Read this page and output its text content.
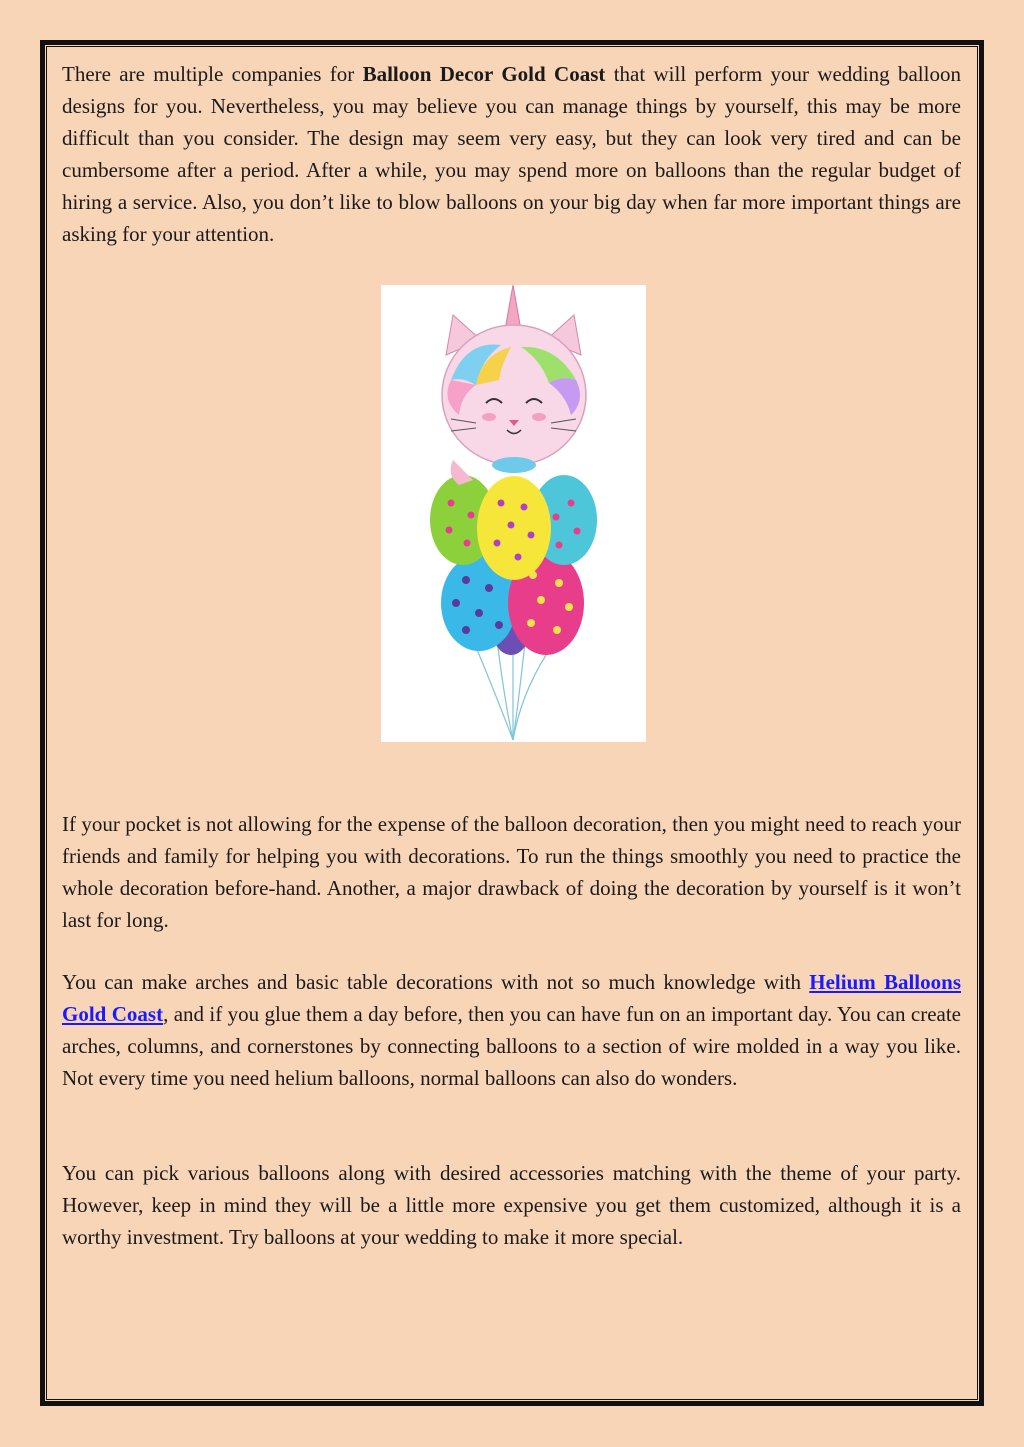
There are multiple companies for Balloon Decor Gold Coast that will perform your wedding balloon designs for you. Nevertheless, you may believe you can manage things by yourself, this may be more difficult than you consider. The design may seem very easy, but they can look very tired and can be cumbersome after a period. After a while, you may spend more on balloons than the regular budget of hiring a service. Also, you don’t like to blow balloons on your big day when far more important things are asking for your attention.

If your pocket is not allowing for the expense of the balloon decoration, then you might need to reach your friends and family for helping you with decorations. To run the things smoothly you need to practice the whole decoration before-hand. Another, a major drawback of doing the decoration by yourself is it won’t last for long.

You can make arches and basic table decorations with not so much knowledge with Helium Balloons Gold Coast, and if you glue them a day before, then you can have fun on an important day. You can create arches, columns, and cornerstones by connecting balloons to a section of wire molded in a way you like. Not every time you need helium balloons, normal balloons can also do wonders.

You can pick various balloons along with desired accessories matching with the theme of your party. However, keep in mind they will be a little more expensive you get them customized, although it is a worthy investment. Try balloons at your wedding to make it more special.
